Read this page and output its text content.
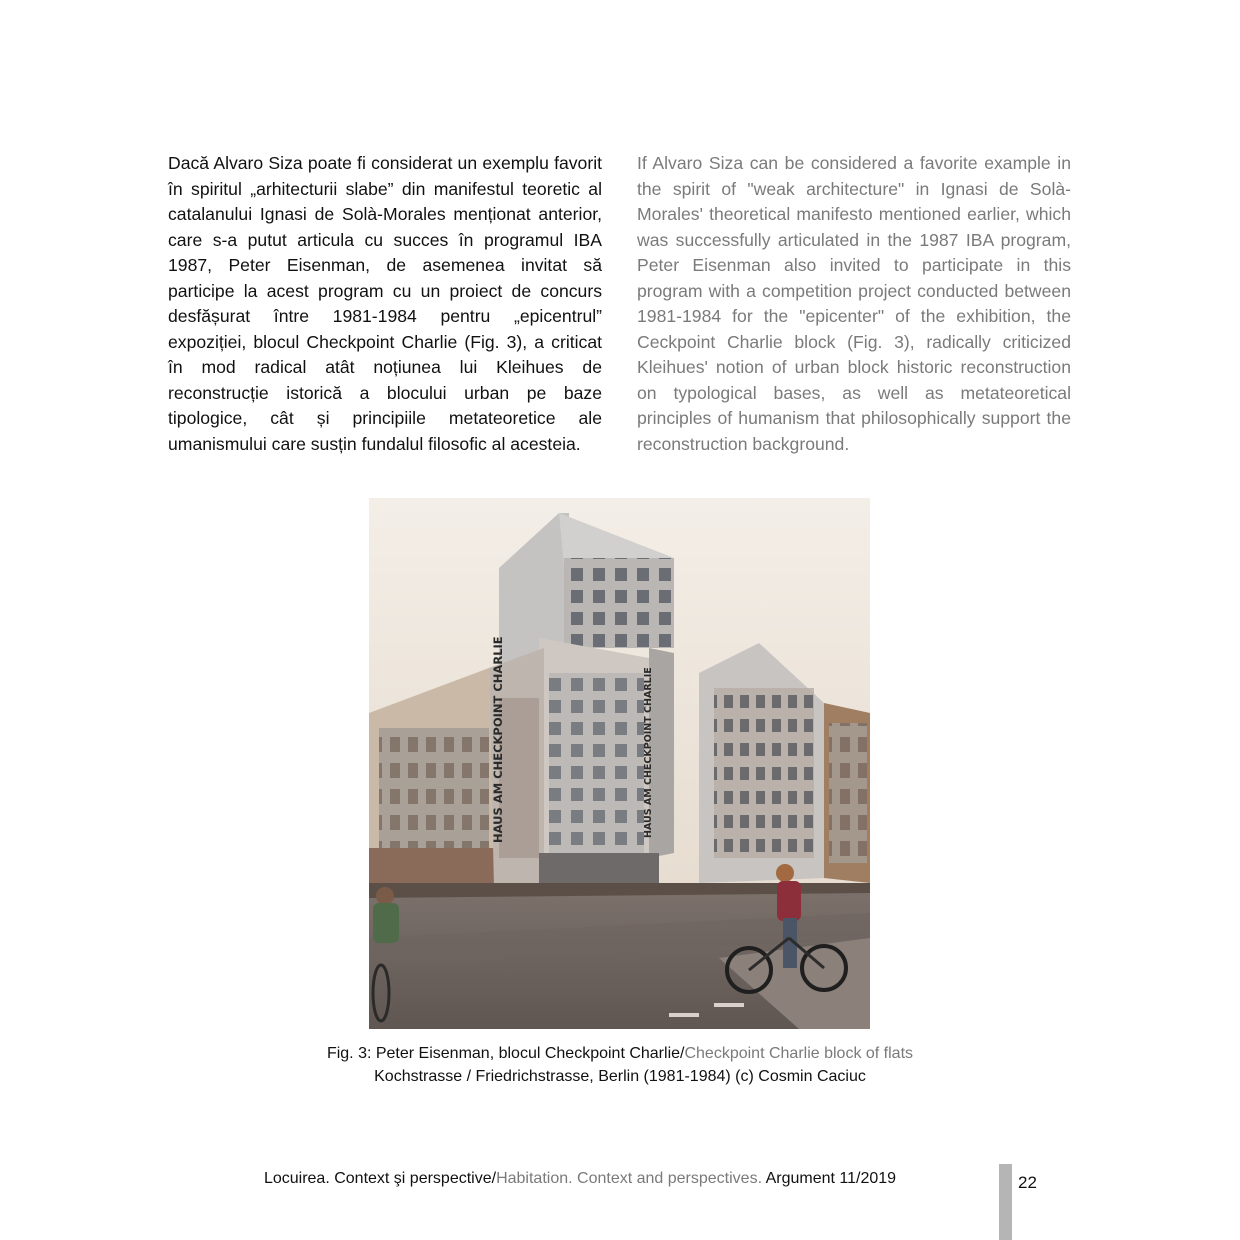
Dacă Alvaro Siza poate fi considerat un exemplu favorit în spiritul „arhitecturii slabe” din manifestul teoretic al catalanului Ignasi de Solà-Morales menționat anterior, care s-a putut articula cu succes în programul IBA 1987, Peter Eisenman, de asemenea invitat să participe la acest program cu un proiect de concurs desfășurat între 1981-1984 pentru „epicentrul” expoziției, blocul Checkpoint Charlie (Fig. 3), a criticat în mod radical atât noțiunea lui Kleihues de reconstrucție istorică a blocului urban pe baze tipologice, cât și principiile metateoretice ale umanismului care susțin fundalul filosofic al acesteia.
If Alvaro Siza can be considered a favorite example in the spirit of "weak architecture" in Ignasi de Solà-Morales' theoretical manifesto mentioned earlier, which was successfully articulated in the 1987 IBA program, Peter Eisenman also invited to participate in this program with a competition project conducted between 1981-1984 for the "epicenter" of the exhibition, the Ceckpoint Charlie block (Fig. 3), radically criticized Kleihues' notion of urban block historic reconstruction on typological bases, as well as metateoretical principles of humanism that philosophically support the reconstruction background.
HAUS AM CHECKPOINT CHARLIE	HAUS AM CHECKPOINT CHARLIE
Fig. 3: Peter Eisenman, blocul Checkpoint Charlie/Checkpoint Charlie block of flats
Kochstrasse / Friedrichstrasse, Berlin (1981-1984) (c) Cosmin Caciuc
Locuirea. Context şi perspective/Habitation. Context and perspectives. Argument 11/2019	22
